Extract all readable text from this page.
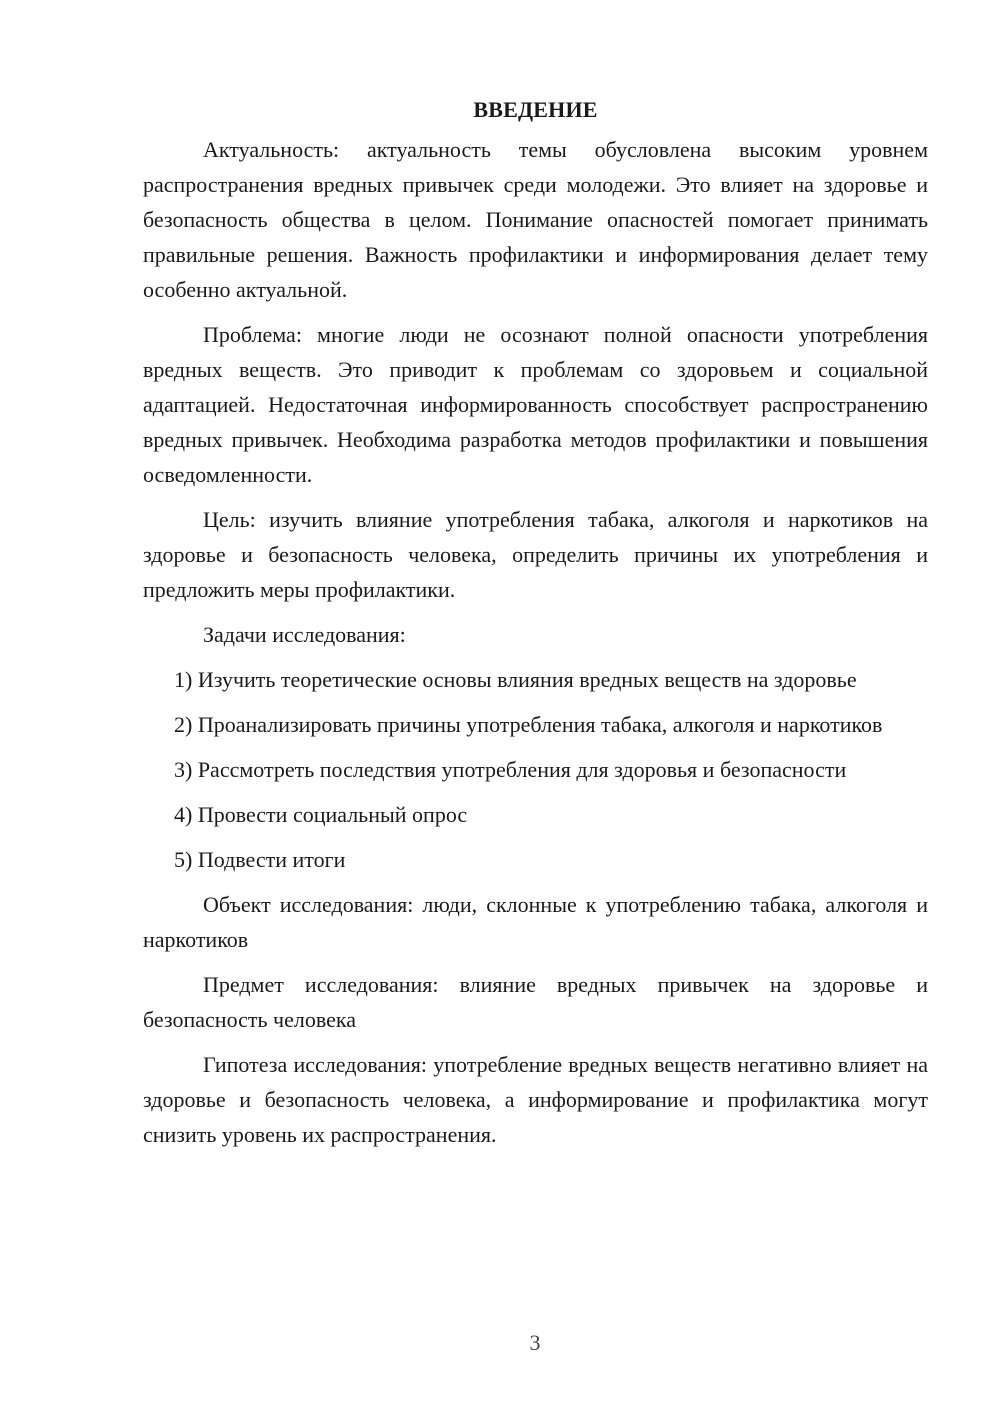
ВВЕДЕНИЕ

Актуальность: актуальность темы обусловлена высоким уровнем распространения вредных привычек среди молодежи. Это влияет на здоровье и безопасность общества в целом. Понимание опасностей помогает принимать правильные решения. Важность профилактики и информирования делает тему особенно актуальной.

Проблема: многие люди не осознают полной опасности употребления вредных веществ. Это приводит к проблемам со здоровьем и социальной адаптацией. Недостаточная информированность способствует распространению вредных привычек. Необходима разработка методов профилактики и повышения осведомленности.

Цель: изучить влияние употребления табака, алкоголя и наркотиков на здоровье и безопасность человека, определить причины их употребления и предложить меры профилактики.

Задачи исследования:

1) Изучить теоретические основы влияния вредных веществ на здоровье

2) Проанализировать причины употребления табака, алкоголя и наркотиков

3) Рассмотреть последствия употребления для здоровья и безопасности

4) Провести социальный опрос

5) Подвести итоги

Объект исследования: люди, склонные к употреблению табака, алкоголя и наркотиков

Предмет исследования: влияние вредных привычек на здоровье и безопасность человека

Гипотеза исследования: употребление вредных веществ негативно влияет на здоровье и безопасность человека, а информирование и профилактика могут снизить уровень их распространения.

3
